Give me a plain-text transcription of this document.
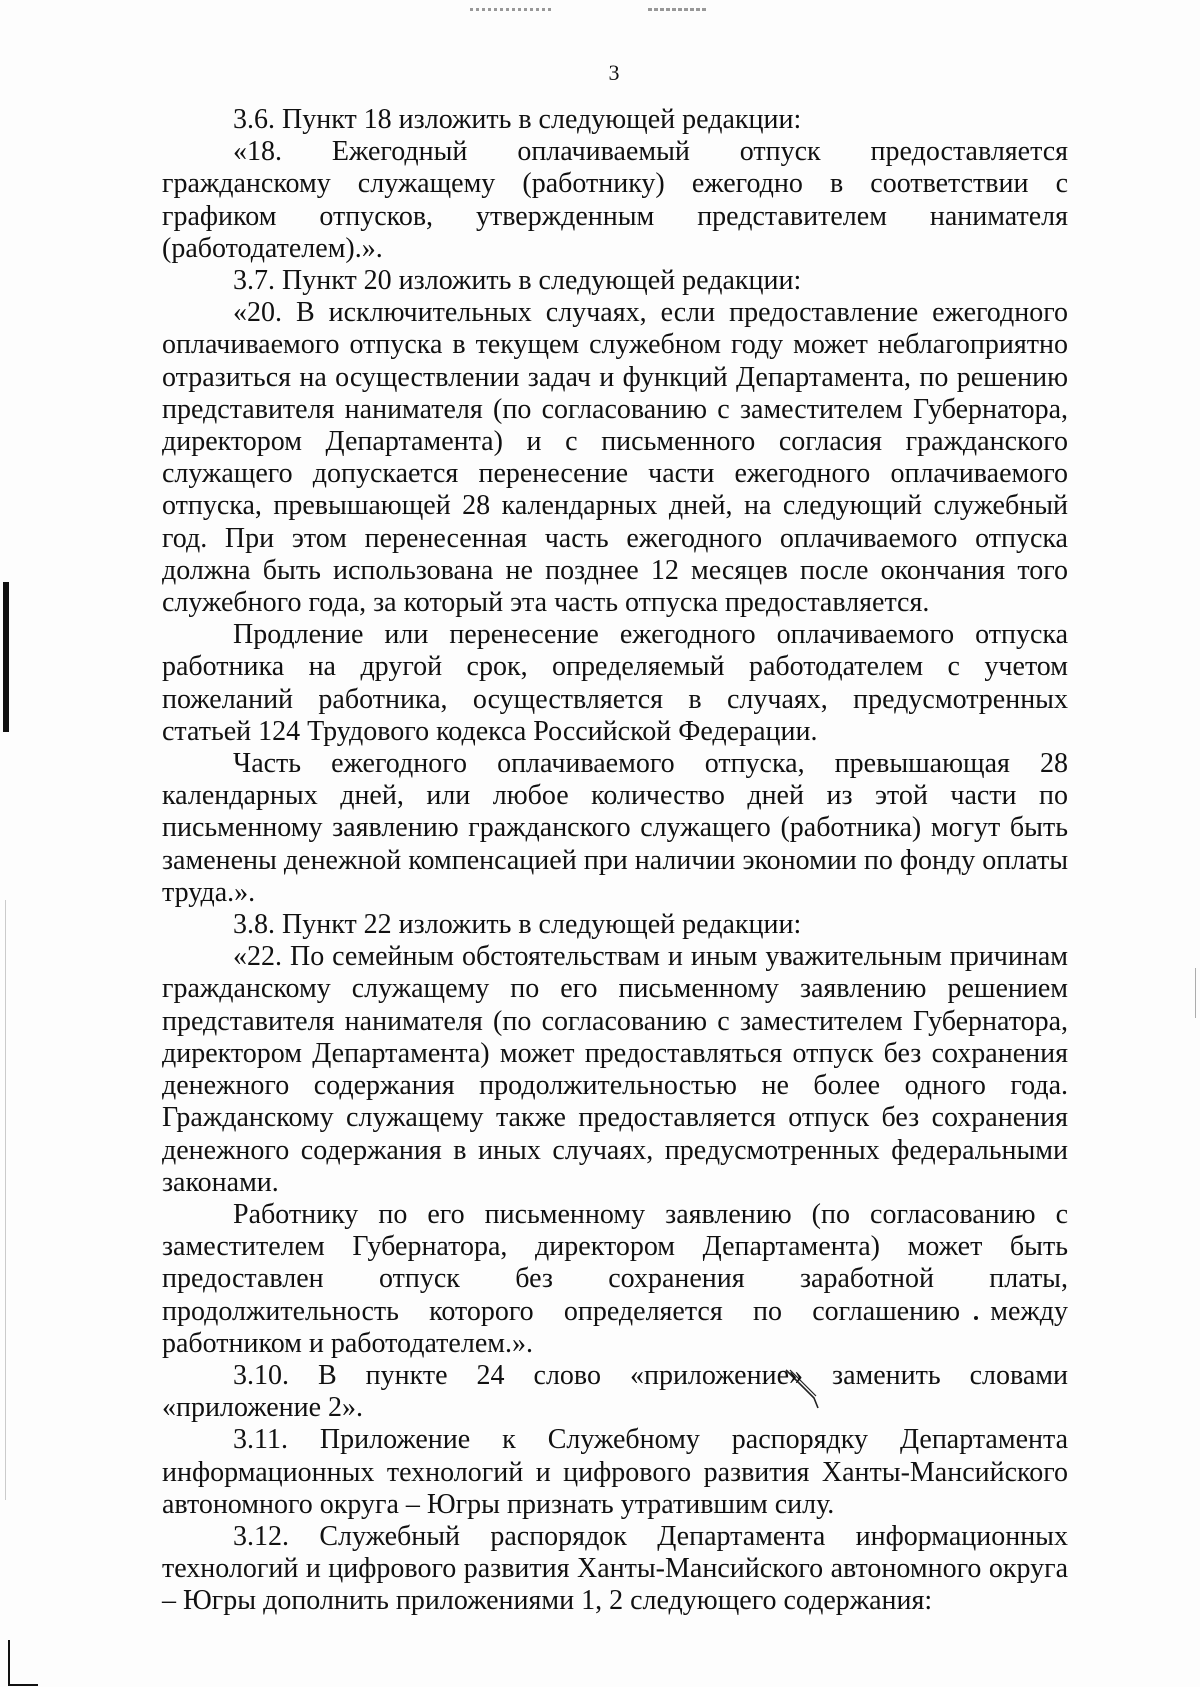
3

3.6. Пункт 18 изложить в следующей редакции:

«18. Ежегодный оплачиваемый отпуск предоставляется гражданскому служащему (работнику) ежегодно в соответствии с графиком отпусков, утвержденным представителем нанимателя (работодателем).».

3.7. Пункт 20 изложить в следующей редакции:

«20. В исключительных случаях, если предоставление ежегодного оплачиваемого отпуска в текущем служебном году может неблагоприятно отразиться на осуществлении задач и функций Департамента, по решению представителя нанимателя (по согласованию с заместителем Губернатора, директором Департамента) и с письменного согласия гражданского служащего допускается перенесение части ежегодного оплачиваемого отпуска, превышающей 28 календарных дней, на следующий служебный год. При этом перенесенная часть ежегодного оплачиваемого отпуска должна быть использована не позднее 12 месяцев после окончания того служебного года, за который эта часть отпуска предоставляется.

Продление или перенесение ежегодного оплачиваемого отпуска работника на другой срок, определяемый работодателем с учетом пожеланий работника, осуществляется в случаях, предусмотренных статьей 124 Трудового кодекса Российской Федерации.

Часть ежегодного оплачиваемого отпуска, превышающая 28 календарных дней, или любое количество дней из этой части по письменному заявлению гражданского служащего (работника) могут быть заменены денежной компенсацией при наличии экономии по фонду оплаты труда.».

3.8. Пункт 22 изложить в следующей редакции:

«22. По семейным обстоятельствам и иным уважительным причинам гражданскому служащему по его письменному заявлению решением представителя нанимателя (по согласованию с заместителем Губернатора, директором Департамента) может предоставляться отпуск без сохранения денежного содержания продолжительностью не более одного года. Гражданскому служащему также предоставляется отпуск без сохранения денежного содержания в иных случаях, предусмотренных федеральными законами.

Работнику по его письменному заявлению (по согласованию с заместителем Губернатора, директором Департамента) может быть предоставлен отпуск без сохранения заработной платы, продолжительность которого определяется по соглашению между работником и работодателем.».

3.10. В пункте 24 слово «приложение» заменить словами «приложение 2».

3.11. Приложение к Служебному распорядку Департамента информационных технологий и цифрового развития Ханты-Мансийского автономного округа – Югры признать утратившим силу.

3.12. Служебный распорядок Департамента информационных технологий и цифрового развития Ханты-Мансийского автономного округа – Югры дополнить приложениями 1, 2 следующего содержания:
